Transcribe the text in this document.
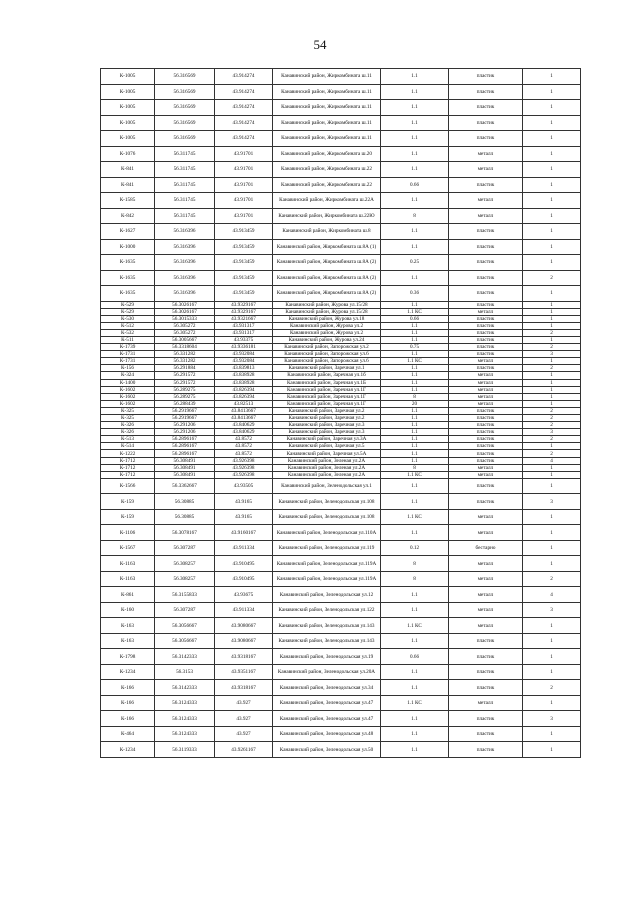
54
К-1005	56.316569	43.914274	Канавинский район, Жиркомбината ш.11	1.1	пластик	1
К-1005	56.316569	43.914274	Канавинский район, Жиркомбината ш.11	1.1	пластик	1
К-1005	56.316569	43.914274	Канавинский район, Жиркомбината ш.11	1.1	пластик	1
К-1005	56.316569	43.914274	Канавинский район, Жиркомбината ш.11	1.1	пластик	1
К-1005	56.316569	43.914274	Канавинский район, Жиркомбината ш.11	1.1	пластик	1
К-1076	56.311745	43.91701	Канавинский район, Жиркомбината ш.20	1.1	металл	1
К-841	56.311745	43.91701	Канавинский район, Жиркомбината ш.22	1.1	металл	1
К-841	56.311745	43.91701	Канавинский район, Жиркомбината ш.22	0.66	пластик	1
К-1585	56.311745	43.91701	Канавинский район, Жиркомбината ш.22А	1.1	металл	1
К-842	56.311745	43.91701	Канавинский район, Жиркомбината ш.22Ю	8	металл	1
К-1627	56.316396	43.913459	Канавинский район, Жиркомбината ш.8	1.1	пластик	1
К-1000	56.316396	43.913459	Канавинский район, Жиркомбината ш.8А (1)	1.1	пластик	1
К-1635	56.316396	43.913459	Канавинский район, Жиркомбината ш.8А (2)	0.25	пластик	1
К-1635	56.316396	43.913459	Канавинский район, Жиркомбината ш.8А (2)	1.1	пластик	2
К-1635	56.316396	43.913459	Канавинский район, Жиркомбината ш.8А (2)	0.36	пластик	1
К-529	56.3026167	43.9329167	Канавинский район, Журова ул.15/28	1.1	пластик	1
К-529	56.3026167	43.9329167	Канавинский район, Журова ул.15/28	1.1 КС	металл	1
К-530	56.3015333	43.9321667	Канавинский район, Журова ул.18	0.66	пластик	1
К-512	56.305272	43.931317	Канавинский район, Журова ул.2	1.1	пластик	1
К-532	56.305272	43.931317	Канавинский район, Журова ул.2	1.1	пластик	2
К-511	56.3005667	43.93375	Канавинский район, Журова ул.24	1.1	пластик	1
К-1739	56.3318604	43.9336181	Канавинский район, Запорожская ул.2	0.75	пластик	2
К-1731	56.331282	43.932084	Канавинский район, Запорожская ул.6	1.1	пластик	3
К-1731	56.331282	43.932084	Канавинский район, Запорожская ул.6	1.1 КС	металл	1
К-156	56.291884	43.839813	Канавинский район, Заречная ул.1	1.1	пластик	2
К-324	56.291572	43.838928	Канавинский район, Заречная ул.1б	1.1	металл	1
К-1400	56.291572	43.838928	Канавинский район, Заречная ул.1Б	1.1	металл	1
К-1602	56.289275	43.826394	Канавинский район, Заречная ул.1Г	1.1	металл	1
К-1602	56.289275	43.826394	Канавинский район, Заречная ул.1Г	8	металл	1
К-1602	56.288439	43.82513	Канавинский район, Заречная ул.1Г	20	металл	1
К-325	56.2919667	43.8413667	Канавинский район, Заречная ул.2	1.1	пластик	2
К-325	56.2919667	43.8413667	Канавинский район, Заречная ул.2	1.1	пластик	2
К-326	56.291206	43.840629	Канавинский район, Заречная ул.3	1.1	пластик	2
К-326	56.291206	43.840629	Канавинский район, Заречная ул.3	1.1	пластик	3
К-513	56.2896167	43.8572	Канавинский район, Заречная ул.3А	1.1	пластик	2
К-514	56.2896167	43.8572	Канавинский район, Заречная ул.5	1.1	пластик	1
К-1222	56.2896167	43.8572	Канавинский район, Заречная ул.5А	1.1	пластик	2
К-1712	56.308491	43.926398	Канавинский район, Зеленая ул.2А	1.1	пластик	4
К-1712	56.308491	43.926398	Канавинский район, Зеленая ул.2А	8	металл	1
К-1712	56.308491	43.926398	Канавинский район, Зеленая ул.2А	1.1 КС	металл	1
К-1566	56.3362667	43.93505	Канавинский район, Зеленодольская ул.1	1.1	пластик	1
К-159	56.30885	43.9165	Канавинский район, Зеленодольская ул.108	1.1	пластик	3
К-159	56.30885	43.9165	Канавинский район, Зеленодольская ул.108	1.1 КС	металл	1
К-1106	56.3078167	43.9160167	Канавинский район, Зеленодольская ул.110А	1.1	металл	1
К-1567	56.307287	43.911334	Канавинский район, Зеленодольская ул.119	0.12	бестарно	1
К-1163	56.308257	43.910495	Канавинский район, Зеленодольская ул.119А	8	металл	1
К-1163	56.308257	43.910495	Канавинский район, Зеленодольская ул.119А	8	металл	2
К-861	56.3155833	43.93675	Канавинский район, Зеленодольская ул.12	1.1	металл	4
К-160	56.307287	43.911334	Канавинский район, Зеленодольская ул.122	1.1	металл	3
К-163	56.3056667	43.9080667	Канавинский район, Зеленодольская ул.143	1.1 КС	металл	1
К-163	56.3056667	43.9080667	Канавинский район, Зеленодольская ул.143	1.1	пластик	1
К-1798	56.3142333	43.9318167	Канавинский район, Зеленодольская ул.19	0.66	пластик	1
К-1234	56.3153	43.9351167	Канавинский район, Зеленодольская ул.20А	1.1	пластик	1
К-166	56.3142333	43.9318167	Канавинский район, Зеленодольская ул.34	1.1	пластик	2
К-166	56.3124333	43.927	Канавинский район, Зеленодольская ул.47	1.1 КС	металл	1
К-166	56.3124333	43.927	Канавинский район, Зеленодольская ул.47	1.1	пластик	3
К-464	56.3124333	43.927	Канавинский район, Зеленодольская ул.48	1.1	пластик	1
К-1234	56.3119333	43.9261167	Канавинский район, Зеленодольская ул.50	1.1	пластик	1
